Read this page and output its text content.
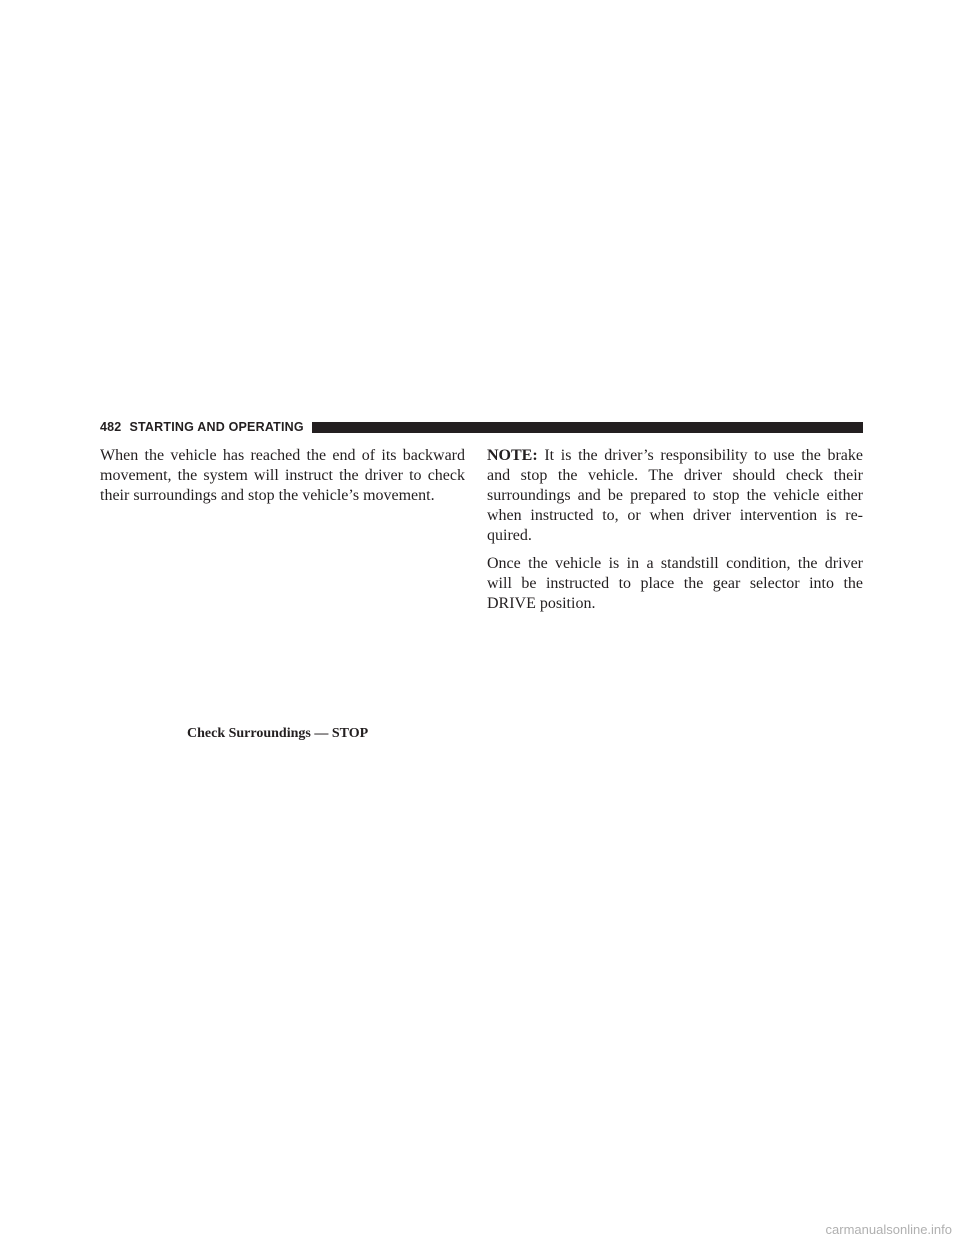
482 STARTING AND OPERATING

When the vehicle has reached the end of its backward
movement, the system will instruct the driver to check
their surroundings and stop the vehicle’s movement.

Check Surroundings — STOP

NOTE: It is the driver’s responsibility to use the brake
and stop the vehicle. The driver should check their
surroundings and be prepared to stop the vehicle either
when instructed to, or when driver intervention is re-
quired.

Once the vehicle is in a standstill condition, the driver
will be instructed to place the gear selector into the
DRIVE position.

carmanualsonline.info
